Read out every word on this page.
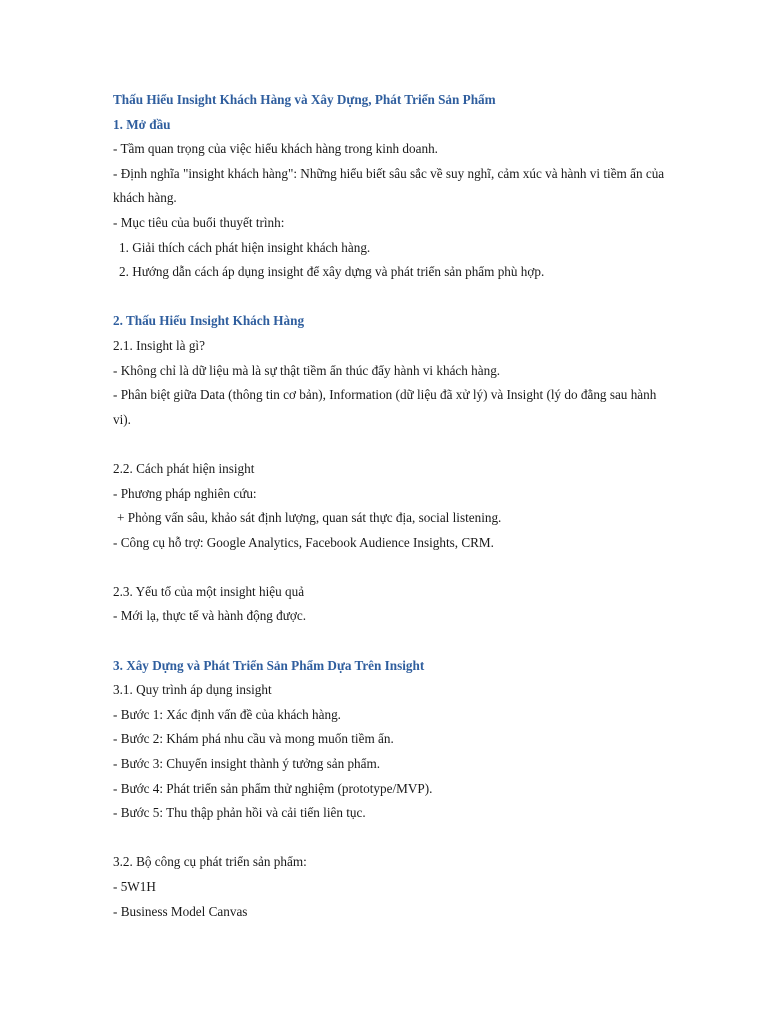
Thấu Hiểu Insight Khách Hàng và Xây Dựng, Phát Triển Sản Phẩm
1. Mở đầu
- Tầm quan trọng của việc hiểu khách hàng trong kinh doanh.
- Định nghĩa "insight khách hàng": Những hiểu biết sâu sắc về suy nghĩ, cảm xúc và hành vi tiềm ẩn của khách hàng.
- Mục tiêu của buổi thuyết trình:
1. Giải thích cách phát hiện insight khách hàng.
2. Hướng dẫn cách áp dụng insight để xây dựng và phát triển sản phẩm phù hợp.
2. Thấu Hiểu Insight Khách Hàng
2.1. Insight là gì?
- Không chỉ là dữ liệu mà là sự thật tiềm ẩn thúc đẩy hành vi khách hàng.
- Phân biệt giữa Data (thông tin cơ bản), Information (dữ liệu đã xử lý) và Insight (lý do đằng sau hành vi).
2.2. Cách phát hiện insight
- Phương pháp nghiên cứu:
+ Phỏng vấn sâu, khảo sát định lượng, quan sát thực địa, social listening.
- Công cụ hỗ trợ: Google Analytics, Facebook Audience Insights, CRM.
2.3. Yếu tố của một insight hiệu quả
- Mới lạ, thực tế và hành động được.
3. Xây Dựng và Phát Triển Sản Phẩm Dựa Trên Insight
3.1. Quy trình áp dụng insight
- Bước 1: Xác định vấn đề của khách hàng.
- Bước 2: Khám phá nhu cầu và mong muốn tiềm ẩn.
- Bước 3: Chuyển insight thành ý tưởng sản phẩm.
- Bước 4: Phát triển sản phẩm thử nghiệm (prototype/MVP).
- Bước 5: Thu thập phản hồi và cải tiến liên tục.
3.2. Bộ công cụ phát triển sản phẩm:
- 5W1H
- Business Model Canvas
